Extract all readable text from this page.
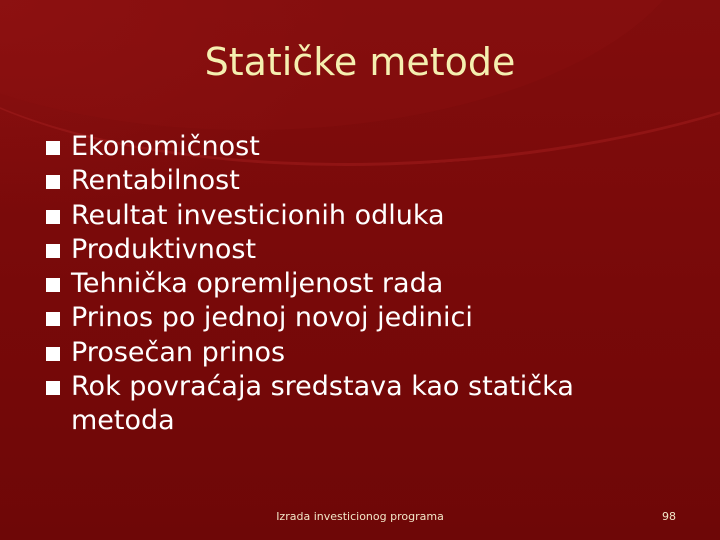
Statičke metode
Ekonomičnost
Rentabilnost
Reultat investicionih odluka
Produktivnost
Tehnička opremljenost rada
Prinos po jednoj novoj jedinici
Prosečan prinos
Rok povraćaja sredstava kao statička metoda
Izrada investicionog programa	98
